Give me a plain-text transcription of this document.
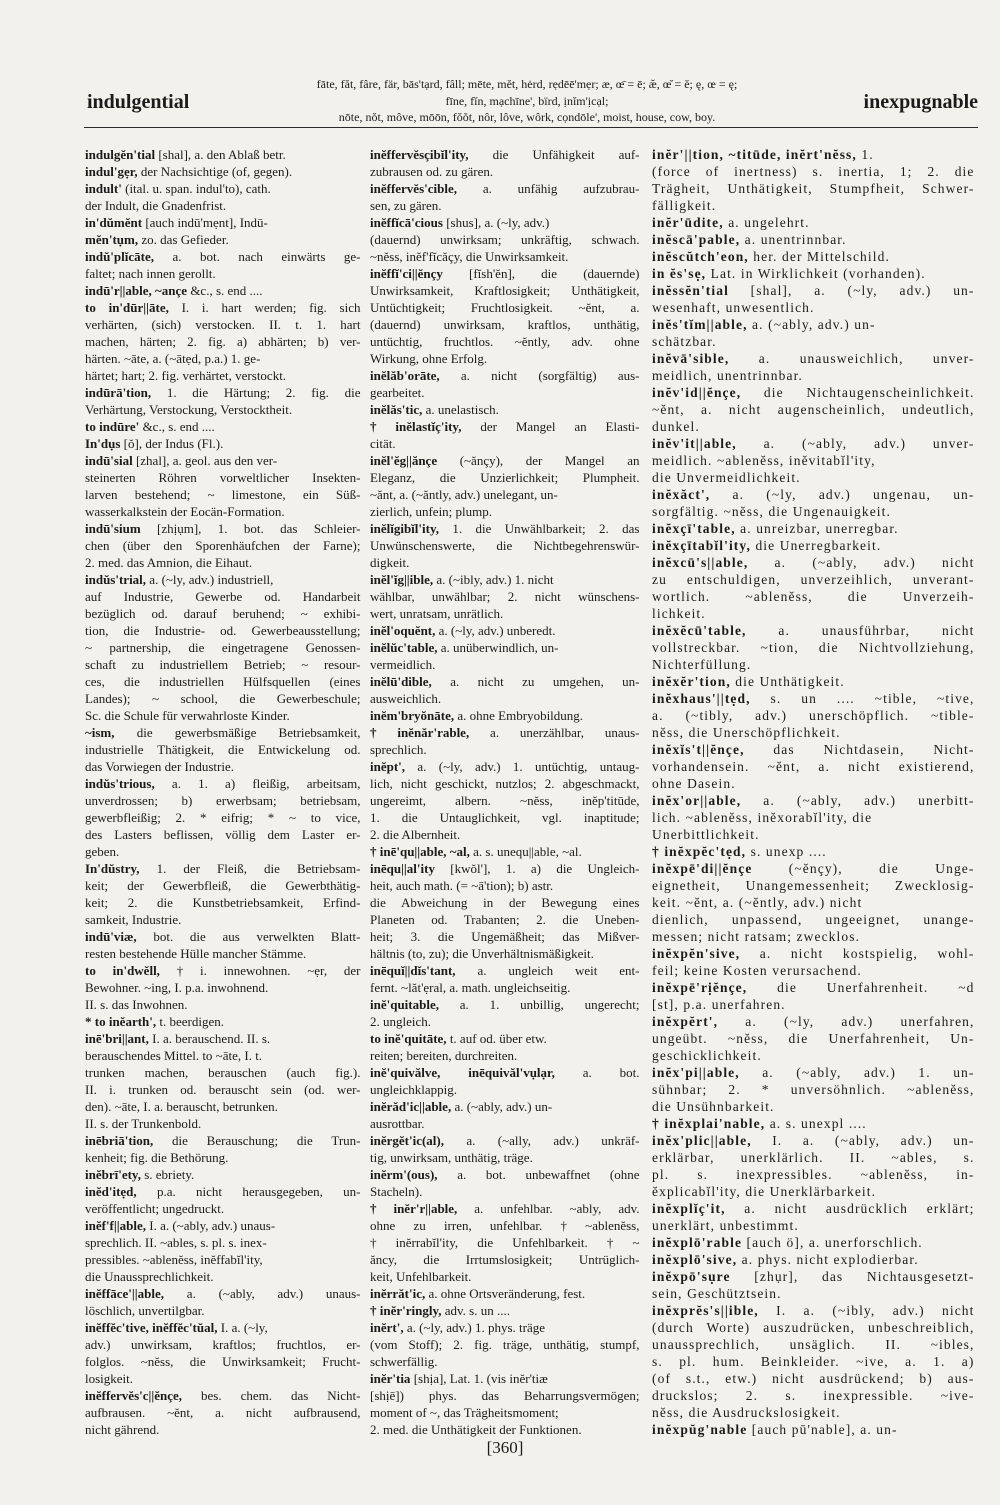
indulgential
fāte, făt, fâre, fär, bās'tạrd, fâll; mēte, mĕt, hėrd, rẹdēē'mẹr; æ, œ̄ = ē; æ̆, œ̆ = ĕ; ę, œ = ę;
fīne, fĭn, mạchīne', bïrd, ịnĭm'ịcạl;
nōte, nŏt, môve, mōōn, fŏŏt, nôr, lôve, wôrk, cọndōle', moist, house, cow, boy.
inexpugnable
indulgĕn'tial [shal], a. den Ablaß betr.
indul'gẹr, der Nachsichtige (of, gegen).
indult' (ital. u. span. indul'to), cath.
der Indult, die Gnadenfrist.
in'dŭmĕnt [auch indū'mẹnt], Indū-
mĕn'tụm, zo. das Gefieder.
indŭ'plĭcāte, a. bot. nach einwärts ge-
faltet; nach innen gerollt.
indū'r||able, ~ançe &c., s. end ....
to in'dūr||āte, I. i. hart werden; fig. sich
verhärten, (sich) verstocken. II. t. 1. hart
machen, härten; 2. fig. a) abhärten; b) ver-
härten. ~āte, a. (~ātẹd, p.a.) 1. ge-
härtet; hart; 2. fig. verhärtet, verstockt.
indūrā'tion, 1. die Härtung; 2. fig. die
Verhärtung, Verstockung, Verstocktheit.
to indūre' &c., s. end ....
In'dụs [ŏ], der Indus (Fl.).
indū'sial [zhal], a. geol. aus den ver-
steinerten Röhren vorweltlicher Insekten-
larven bestehend; ~ limestone, ein Süß-
wasserkalkstein der Eocän-Formation.
indū'sium [zhịụm], 1. bot. das Schleier-
chen (über den Sporenhäufchen der Farne);
2. med. das Amnion, die Eihaut.
indŭs'trial, a. (~ly, adv.) industriell,
auf Industrie, Gewerbe od. Handarbeit
bezüglich od. darauf beruhend; ~ exhibi-
tion, die Industrie- od. Gewerbeausstellung;
~ partnership, die eingetragene Genossen-
schaft zu industriellem Betrieb; ~ resour-
ces, die industriellen Hülfsquellen (eines
Landes); ~ school, die Gewerbeschule;
Sc. die Schule für verwahrloste Kinder.
~ism, die gewerbsmäßige Betriebsamkeit,
industrielle Thätigkeit, die Entwickelung od.
das Vorwiegen der Industrie.
indŭs'trious, a. 1. a) fleißig, arbeitsam,
unverdrossen; b) erwerbsam; betriebsam,
gewerbfleißig; 2. * eifrig; * ~ to vice,
des Lasters beflissen, völlig dem Laster er-
geben.
In'dŭstry, 1. der Fleiß, die Betriebsam-
keit; der Gewerbfleiß, die Gewerbthätig-
keit; 2. die Kunstbetriebsamkeit, Erfind-
samkeit, Industrie.
indū'viæ, bot. die aus verwelkten Blatt-
resten bestehende Hülle mancher Stämme.
to in'dwĕll, † i. innewohnen. ~ẹr, der
Bewohner. ~ing, I. p.a. inwohnend.
II. s. das Inwohnen.
* to inĕarth', t. beerdigen.
inē'bri||ant, I. a. berauschend. II. s.
berauschendes Mittel. to ~āte, I. t.
trunken machen, berauschen (auch fig.).
II. i. trunken od. berauscht sein (od. wer-
den). ~āte, I. a. berauscht, betrunken.
II. s. der Trunkenbold.
inēbriā'tion, die Berauschung; die Trun-
kenheit; fig. die Bethörung.
inĕbrī'ety, s. ebriety.
inĕd'itẹd, p.a. nicht herausgegeben, un-
veröffentlicht; ungedruckt.
inĕf'f||able, I. a. (~ably, adv.) unaus-
sprechlich. II. ~ables, s. pl. s. inex-
pressibles. ~ablenĕss, inĕffabĭl'ity,
die Unaussprechlichkeit.
inĕffāce'||able, a. (~ably, adv.) unaus-
löschlich, unvertilgbar.
inĕffĕc'tive, inĕffĕc'tŭal, I. a. (~ly,
adv.) unwirksam, kraftlos; fruchtlos, er-
folglos. ~nĕss, die Unwirksamkeit; Frucht-
losigkeit.
inĕffervĕs'c||ĕnçe, bes. chem. das Nicht-
aufbrausen. ~ĕnt, a. nicht aufbrausend,
nicht gährend.
inĕffervĕsçibĭl'ity, die Unfähigkeit auf-
zubrausen od. zu gären.
inĕffervĕs'cible, a. unfähig aufzubrau-
sen, zu gären.
inĕffĭcā'cious [shus], a. (~ly, adv.)
(dauernd) unwirksam; unkräftig, schwach.
~nĕss, inĕf'fĭcăçy, die Unwirksamkeit.
inĕffĭ'ci||ĕnçy [fĭsh'ĕn], die (dauernde)
Unwirksamkeit, Kraftlosigkeit; Unthätigkeit,
Untüchtigkeit; Fruchtlosigkeit. ~ĕnt, a.
(dauernd) unwirksam, kraftlos, unthätig,
untüchtig, fruchtlos. ~ĕntly, adv. ohne
Wirkung, ohne Erfolg.
inĕlăb'orāte, a. nicht (sorgfältig) aus-
gearbeitet.
inĕlăs'tic, a. unelastisch.
† inĕlastĭç'ity, der Mangel an Elasti-
cität.
inĕl'ĕg||ănçe (~ănçy), der Mangel an
Eleganz, die Unzierlichkeit; Plumpheit.
~ănt, a. (~ăntly, adv.) unelegant, un-
zierlich, unfein; plump.
inĕlĭgibĭl'ity, 1. die Unwählbarkeit; 2. das
Unwünschenswerte, die Nichtbegehrenswür-
digkeit.
inĕl'ĭg||ible, a. (~ibly, adv.) 1. nicht
wählbar, unwählbar; 2. nicht wünschens-
wert, unratsam, unrätlich.
inĕl'oquĕnt, a. (~ly, adv.) unberedt.
inĕlŭc'table, a. unüberwindlich, un-
vermeidlich.
inĕlū'dible, a. nicht zu umgehen, un-
ausweichlich.
inĕm'bryŏnāte, a. ohne Embryobildung.
† inĕnăr'rable, a. unerzählbar, unaus-
sprechlich.
inĕpt', a. (~ly, adv.) 1. untüchtig, untaug-
lich, nicht geschickt, nutzlos; 2. abgeschmackt,
ungereimt, albern. ~nĕss, inĕp'titūde,
1. die Untauglichkeit, vgl. inaptitude;
2. die Albernheit.
† inē'qu||able, ~al, a. s. unequ||able, ~al.
inēqu||al'ity [kwŏl'], 1. a) die Ungleich-
heit, auch math. (= ~ā'tion); b) astr.
die Abweichung in der Bewegung eines
Planeten od. Trabanten; 2. die Uneben-
heit; 3. die Ungemäßheit; das Mißver-
hältnis (to, zu); die Unverhältnismäßigkeit.
inēquĭ||dĭs'tant, a. ungleich weit ent-
fernt. ~lăt'ẹral, a. math. ungleichseitig.
inĕ'quitable, a. 1. unbillig, ungerecht;
2. ungleich.
to inĕ'quitāte, t. auf od. über etw.
reiten; bereiten, durchreiten.
inĕ'quivălve, inēquivăl'vụlạr, a. bot.
ungleichklappig.
inĕrăd'ic||able, a. (~ably, adv.) un-
ausrottbar.
inĕrgĕt'ic(al), a. (~ally, adv.) unkräf-
tig, unwirksam, unthätig, träge.
inĕrm'(ous), a. bot. unbewaffnet (ohne
Stacheln).
† inĕr'r||able, a. unfehlbar. ~ably, adv.
ohne zu irren, unfehlbar. † ~ablenĕss,
† inĕrrabĭl'ity, die Unfehlbarkeit. † ~
ăncy, die Irrtumslosigkeit; Untrüglich-
keit, Unfehlbarkeit.
inĕrrăt'ic, a. ohne Ortsveränderung, fest.
† inĕr'ringly, adv. s. un ....
inĕrt', a. (~ly, adv.) 1. phys. träge
(vom Stoff); 2. fig. träge, unthätig, stumpf,
schwerfällig.
inĕr'tia [shịa], Lat. 1. (vis inĕr'tiæ
[shịē]) phys. das Beharrungsvermögen;
moment of ~, das Trägheitsmoment;
2. med. die Unthätigkeit der Funktionen.
inĕr'||tion, ~titūde, inĕrt'nĕss, 1.
(force of inertness) s. inertia, 1; 2. die
Trägheit, Unthätigkeit, Stumpfheit, Schwer-
fälligkeit.
inĕr'ūdite, a. ungelehrt.
inĕscā'pable, a. unentrinnbar.
inĕscŭtch'eon, her. der Mittelschild.
in ĕs'sẹ, Lat. in Wirklichkeit (vorhanden).
inĕssĕn'tial [shal], a. (~ly, adv.) un-
wesenhaft, unwesentlich.
inĕs'tĭm||able, a. (~ably, adv.) un-
schätzbar.
inĕvā'sible, a. unausweichlich, unver-
meidlich, unentrinnbar.
inĕv'id||ĕnçe, die Nichtaugenscheinlichkeit.
~ĕnt, a. nicht augenscheinlich, undeutlich,
dunkel.
inĕv'it||able, a. (~ably, adv.) unver-
meidlich. ~ablenĕss, inĕvitabĭl'ity,
die Unvermeidlichkeit.
inĕxăct', a. (~ly, adv.) ungenau, un-
sorgfältig. ~nĕss, die Ungenauigkeit.
inĕxçī'table, a. unreizbar, unerregbar.
inĕxçītabĭl'ity, die Unerregbarkeit.
inĕxcū's||able, a. (~ably, adv.) nicht
zu entschuldigen, unverzeihlich, unverant-
wortlich. ~ablenĕss, die Unverzeih-
lichkeit.
inĕxĕcū'table, a. unausführbar, nicht
vollstreckbar. ~tion, die Nichtvollziehung,
Nichterfüllung.
inĕxĕr'tion, die Unthätigkeit.
inĕxhaus'||tẹd, s. un .... ~tible, ~tive,
a. (~tibly, adv.) unerschöpflich. ~tible-
nĕss, die Unerschöpflichkeit.
inĕxĭs't||ĕnçe, das Nichtdasein, Nicht-
vorhandensein. ~ĕnt, a. nicht existierend,
ohne Dasein.
inĕx'or||able, a. (~ably, adv.) unerbitt-
lich. ~ablenĕss, inĕxorabĭl'ity, die
Unerbittlichkeit.
† inĕxpĕc'tẹd, s. unexp ....
inĕxpē'di||ĕnçe (~ĕnçy), die Unge-
eignetheit, Unangemessenheit; Zwecklosig-
keit. ~ĕnt, a. (~ĕntly, adv.) nicht
dienlich, unpassend, ungeeignet, unange-
messen; nicht ratsam; zwecklos.
inĕxpĕn'sive, a. nicht kostspielig, wohl-
feil; keine Kosten verursachend.
inĕxpē'rịĕnçe, die Unerfahrenheit. ~d
[st], p.a. unerfahren.
inĕxpĕrt', a. (~ly, adv.) unerfahren,
ungeübt. ~nĕss, die Unerfahrenheit, Un-
geschicklichkeit.
inĕx'pi||able, a. (~ably, adv.) 1. un-
sühnbar; 2. * unversöhnlich. ~ablenĕss,
die Unsühnbarkeit.
† inĕxplai'nable, a. s. unexpl ....
inĕx'plic||able, I. a. (~ably, adv.) un-
erklärbar, unerklärlich. II. ~ables, s.
pl. s. inexpressibles. ~ablenĕss, in-
ĕxplicabĭl'ity, die Unerklärbarkeit.
inĕxplĭç'it, a. nicht ausdrücklich erklärt;
unerklärt, unbestimmt.
inĕxplō'rable [auch ö], a. unerforschlich.
inĕxplō'sive, a. phys. nicht explodierbar.
inĕxpō'sụre [zhụr], das Nichtausgesetzt-
sein, Geschütztsein.
inĕxprĕs's||ible, I. a. (~ibly, adv.) nicht
(durch Worte) auszudrücken, unbeschreiblich,
unaussprechlich, unsäglich. II. ~ibles,
s. pl. hum. Beinkleider. ~ive, a. 1. a)
(of s.t., etw.) nicht ausdrückend; b) aus-
druckslos; 2. s. inexpressible. ~ive-
nĕss, die Ausdruckslosigkeit.
inĕxpŭg'nable [auch pū'nable], a. un-
[360]
